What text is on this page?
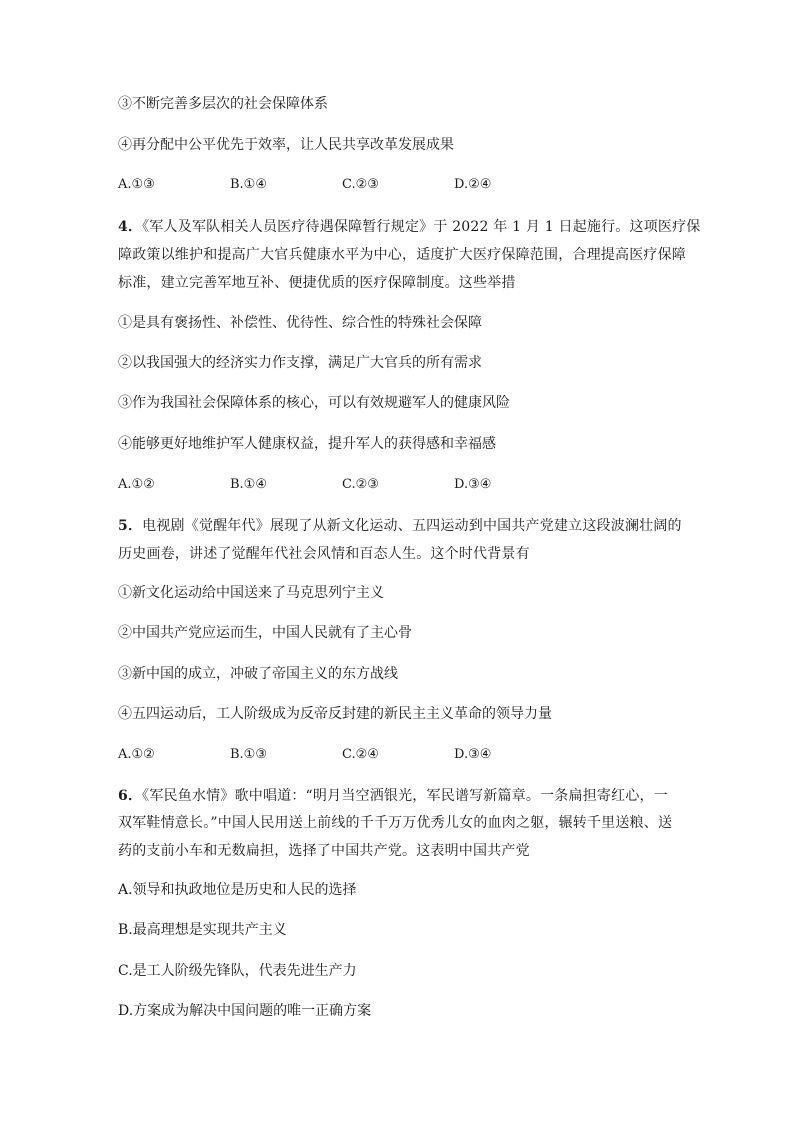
③不断完善多层次的社会保障体系
④再分配中公平优先于效率，让人民共享改革发展成果
A.①③	B.①④	C.②③	D.②④
4．《军人及军队相关人员医疗待遇保障暂行规定》于 2022 年 1 月 1 日起施行。这项医疗保
障政策以维护和提高广大官兵健康水平为中心，适度扩大医疗保障范围，合理提高医疗保障
标准，建立完善军地互补、便捷优质的医疗保障制度。这些举措
①是具有褒扬性、补偿性、优待性、综合性的特殊社会保障
②以我国强大的经济实力作支撑，满足广大官兵的所有需求
③作为我国社会保障体系的核心，可以有效规避军人的健康风险
④能够更好地维护军人健康权益，提升军人的获得感和幸福感
A.①②	B.①④	C.②③	D.③④
5．电视剧《觉醒年代》展现了从新文化运动、五四运动到中国共产党建立这段波澜壮阔的
历史画卷，讲述了觉醒年代社会风情和百态人生。这个时代背景有
①新文化运动给中国送来了马克思列宁主义
②中国共产党应运而生，中国人民就有了主心骨
③新中国的成立，冲破了帝国主义的东方战线
④五四运动后，工人阶级成为反帝反封建的新民主主义革命的领导力量
A.①②	B.①③	C.②④	D.③④
6．《军民鱼水情》歌中唱道：“明月当空洒银光，军民谱写新篇章。一条扁担寄红心，一
双军鞋情意长。”中国人民用送上前线的千千万万优秀儿女的血肉之躯，辗转千里送粮、送
药的支前小车和无数扁担，选择了中国共产党。这表明中国共产党
A.领导和执政地位是历史和人民的选择
B.最高理想是实现共产主义
C.是工人阶级先锋队，代表先进生产力
D.方案成为解决中国问题的唯一正确方案
